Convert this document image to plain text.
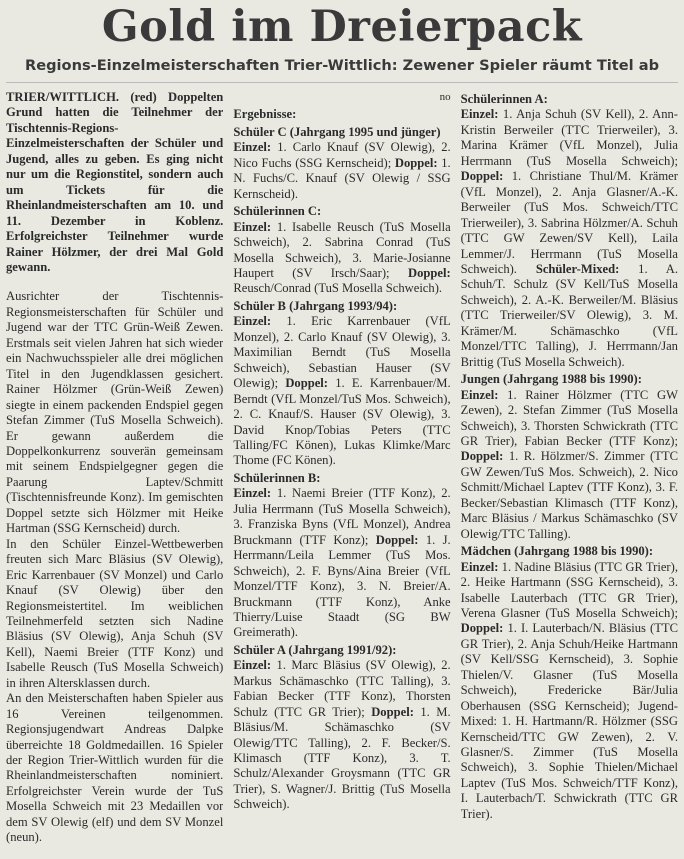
Gold im Dreierpack
Regions-Einzelmeisterschaften Trier-Wittlich: Zewener Spieler räumt Titel ab

TRIER/WITTLICH. (red) Doppelten Grund hatten die Teilnehmer der Tischtennis-Regions-Einzelmeisterschaften der Schüler und Jugend, alles zu geben. Es ging nicht nur um die Regionstitel, sondern auch um Tickets für die Rheinlandmeisterschaften am 10. und 11. Dezember in Koblenz. Erfolgreichster Teilnehmer wurde Rainer Hölzmer, der drei Mal Gold gewann.

Ausrichter der Tischtennis-Regionsmeisterschaften für Schüler und Jugend war der TTC Grün-Weiß Zewen. Erstmals seit vielen Jahren hat sich wieder ein Nachwuchsspieler alle drei möglichen Titel in den Jugendklassen gesichert. Rainer Hölzmer (Grün-Weiß Zewen) siegte in einem packenden Endspiel gegen Stefan Zimmer (TuS Mosella Schweich). Er gewann außerdem die Doppelkonkurrenz souverän gemeinsam mit seinem Endspielgegner gegen die Paarung Laptev/Schmitt (Tischtennisfreunde Konz). Im gemischten Doppel setzte sich Hölzmer mit Heike Hartman (SSG Kernscheid) durch.

In den Schüler Einzel-Wettbewerben freuten sich Marc Bläsius (SV Olewig), Eric Karrenbauer (SV Monzel) und Carlo Knauf (SV Olewig) über den Regionsmeistertitel. Im weiblichen Teilnehmerfeld setzten sich Nadine Bläsius (SV Olewig), Anja Schuh (SV Kell), Naemi Breier (TTF Konz) und Isabelle Reusch (TuS Mosella Schweich) in ihren Altersklassen durch.

An den Meisterschaften haben Spieler aus 16 Vereinen teilgenommen. Regionsjugendwart Andreas Dalpke überreichte 18 Goldmedaillen. 16 Spieler der Region Trier-Wittlich wurden für die Rheinlandmeisterschaften nominiert. Erfolgreichster Verein wurde der TuS Mosella Schweich mit 23 Medaillen vor dem SV Olewig (elf) und dem SV Monzel (neun).

no
Ergebnisse:
Schüler C (Jahrgang 1995 und jünger)

Einzel: 1. Carlo Knauf (SV Olewig), 2. Nico Fuchs (SSG Kernscheid); Doppel: 1. N. Fuchs/C. Knauf (SV Olewig / SSG Kernscheid).

Schülerinnen C:

Einzel: 1. Isabelle Reusch (TuS Mosella Schweich), 2. Sabrina Conrad (TuS Mosella Schweich), 3. Marie-Josianne Haupert (SV Irsch/Saar); Doppel: Reusch/Conrad (TuS Mosella Schweich).

Schüler B (Jahrgang 1993/94):

Einzel: 1. Eric Karrenbauer (VfL Monzel), 2. Carlo Knauf (SV Olewig), 3. Maximilian Berndt (TuS Mosella Schweich), Sebastian Hauser (SV Olewig); Doppel: 1. E. Karrenbauer/M. Berndt (VfL Monzel/TuS Mos. Schweich), 2. C. Knauf/S. Hauser (SV Olewig), 3. David Knop/Tobias Peters (TTC Talling/FC Könen), Lukas Klimke/Marc Thome (FC Könen).

Schülerinnen B:

Einzel: 1. Naemi Breier (TTF Konz), 2. Julia Herrmann (TuS Mosella Schweich), 3. Franziska Byns (VfL Monzel), Andrea Bruckmann (TTF Konz); Doppel: 1. J. Herrmann/Leila Lemmer (TuS Mos. Schweich), 2. F. Byns/Aina Breier (VfL Monzel/TTF Konz), 3. N. Breier/A. Bruckmann (TTF Konz), Anke Thierry/Luise Staadt (SG BW Greimerath).

Schüler A (Jahrgang 1991/92):

Einzel: 1. Marc Bläsius (SV Olewig), 2. Markus Schämaschko (TTC Talling), 3. Fabian Becker (TTF Konz), Thorsten Schulz (TTC GR Trier); Doppel: 1. M. Bläsius/M. Schämaschko (SV Olewig/TTC Talling), 2. F. Becker/S. Klimasch (TTF Konz), 3. T. Schulz/Alexander Groysmann (TTC GR Trier), S. Wagner/J. Brittig (TuS Mosella Schweich).

Schülerinnen A:

Einzel: 1. Anja Schuh (SV Kell), 2. Ann-Kristin Berweiler (TTC Trierweiler), 3. Marina Krämer (VfL Monzel), Julia Herrmann (TuS Mosella Schweich); Doppel: 1. Christiane Thul/M. Krämer (VfL Monzel), 2. Anja Glasner/A.-K. Berweiler (TuS Mos. Schweich/TTC Trierweiler), 3. Sabrina Hölzmer/A. Schuh (TTC GW Zewen/SV Kell), Laila Lemmer/J. Herrmann (TuS Mosella Schweich). Schüler-Mixed: 1. A. Schuh/T. Schulz (SV Kell/TuS Mosella Schweich), 2. A.-K. Berweiler/M. Bläsius (TTC Trierweiler/SV Olewig), 3. M. Krämer/M. Schämaschko (VfL Monzel/TTC Talling), J. Herrmann/Jan Brittig (TuS Mosella Schweich).

Jungen (Jahrgang 1988 bis 1990):

Einzel: 1. Rainer Hölzmer (TTC GW Zewen), 2. Stefan Zimmer (TuS Mosella Schweich), 3. Thorsten Schwickrath (TTC GR Trier), Fabian Becker (TTF Konz); Doppel: 1. R. Hölzmer/S. Zimmer (TTC GW Zewen/TuS Mos. Schweich), 2. Nico Schmitt/Michael Laptev (TTF Konz), 3. F. Becker/Sebastian Klimasch (TTF Konz), Marc Bläsius / Markus Schämaschko (SV Olewig/TTC Talling).

Mädchen (Jahrgang 1988 bis 1990):

Einzel: 1. Nadine Bläsius (TTC GR Trier), 2. Heike Hartmann (SSG Kernscheid), 3. Isabelle Lauterbach (TTC GR Trier), Verena Glasner (TuS Mosella Schweich); Doppel: 1. I. Lauterbach/N. Bläsius (TTC GR Trier), 2. Anja Schuh/Heike Hartmann (SV Kell/SSG Kernscheid), 3. Sophie Thielen/V. Glasner (TuS Mosella Schweich), Fredericke Bär/Julia Oberhausen (SSG Kernscheid); Jugend-Mixed: 1. H. Hartmann/R. Hölzmer (SSG Kernscheid/TTC GW Zewen), 2. V. Glasner/S. Zimmer (TuS Mosella Schweich), 3. Sophie Thielen/Michael Laptev (TuS Mos. Schweich/TTF Konz), I. Lauterbach/T. Schwickrath (TTC GR Trier).
